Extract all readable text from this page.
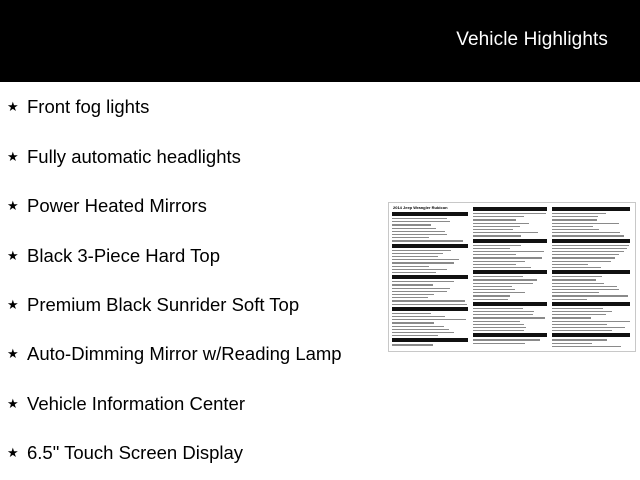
Vehicle Highlights
★ Front fog lights
★ Fully automatic headlights
★ Power Heated Mirrors
★ Black 3-Piece Hard Top
★ Premium Black Sunrider Soft Top
★ Auto-Dimming Mirror w/Reading Lamp
★ Vehicle Information Center
★ 6.5" Touch Screen Display
2014 Jeep Wrangler Rubicon
